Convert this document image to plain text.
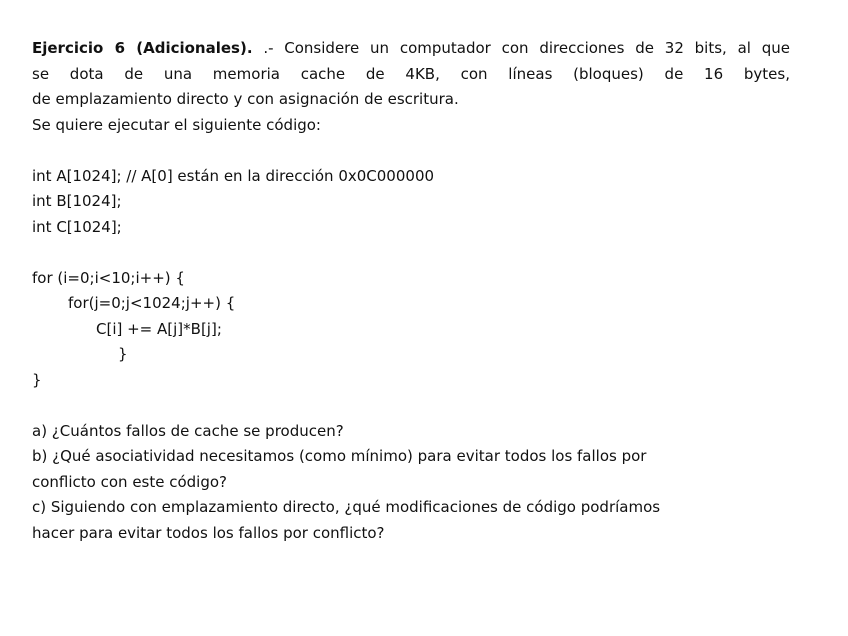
Ejercicio 6 (Adicionales). .- Considere un computador con direcciones de 32 bits, al que
se dota de una memoria cache de 4KB, con líneas (bloques) de 16 bytes,
de emplazamiento directo y con asignación de escritura.
Se quiere ejecutar el siguiente código:
int A[1024]; // A[0] están en la dirección 0x0C000000
int B[1024];
int C[1024];
for (i=0;i<10;i++) {
for(j=0;j<1024;j++) {
C[i] += A[j]*B[j];
}
}
a) ¿Cuántos fallos de cache se producen?
b) ¿Qué asociatividad necesitamos (como mínimo) para evitar todos los fallos por
conflicto con este código?
c) Siguiendo con emplazamiento directo, ¿qué modificaciones de código podríamos
hacer para evitar todos los fallos por conflicto?
